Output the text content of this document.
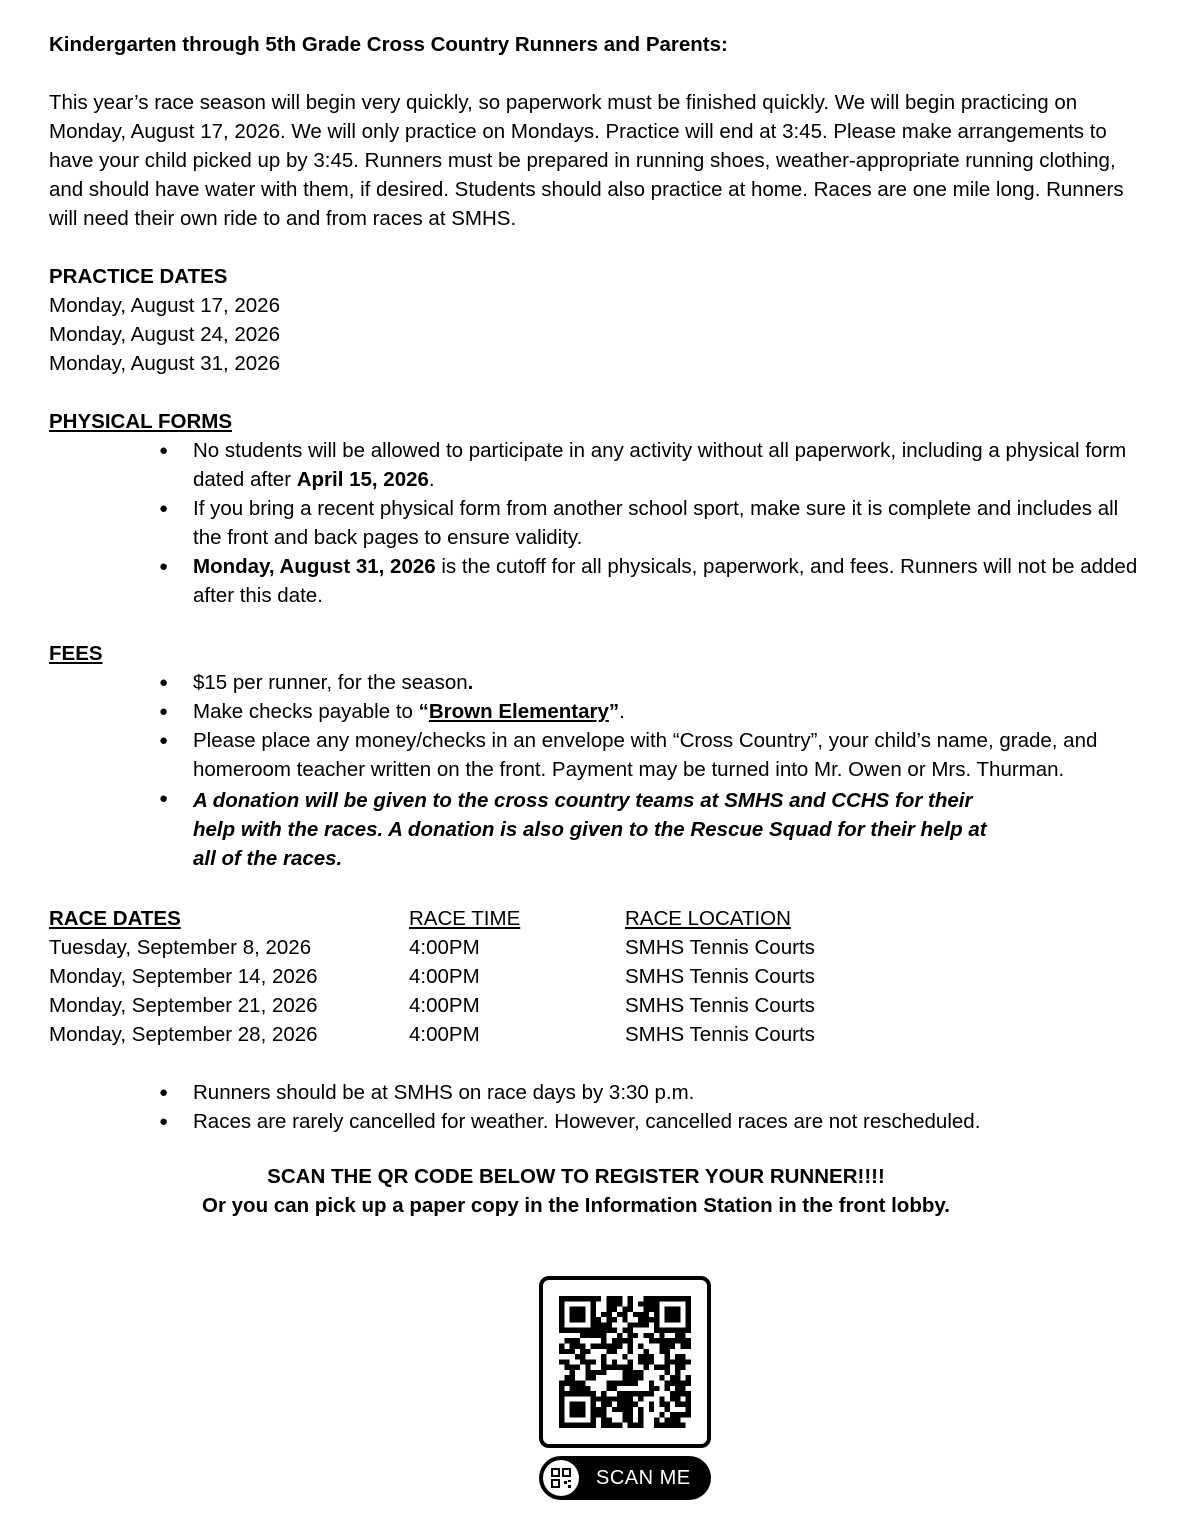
Kindergarten through 5th Grade Cross Country Runners and Parents:

This year’s race season will begin very quickly, so paperwork must be finished quickly. We will begin practicing on Monday, August 17, 2026. We will only practice on Mondays. Practice will end at 3:45. Please make arrangements to have your child picked up by 3:45. Runners must be prepared in running shoes, weather-appropriate running clothing, and should have water with them, if desired. Students should also practice at home. Races are one mile long. Runners will need their own ride to and from races at SMHS.

PRACTICE DATES

Monday, August 17, 2026

Monday, August 24, 2026

Monday, August 31, 2026

PHYSICAL FORMS

● No students will be allowed to participate in any activity without all paperwork, including a physical form dated after April 15, 2026.
● If you bring a recent physical form from another school sport, make sure it is complete and includes all the front and back pages to ensure validity.
● Monday, August 31, 2026 is the cutoff for all physicals, paperwork, and fees. Runners will not be added after this date.

FEES

● $15 per runner, for the season.
● Make checks payable to “Brown Elementary”.
● Please place any money/checks in an envelope with “Cross Country”, your child’s name, grade, and homeroom teacher written on the front. Payment may be turned into Mr. Owen or Mrs. Thurman.
● A donation will be given to the cross country teams at SMHS and CCHS for their
help with the races. A donation is also given to the Rescue Squad for their help at
all of the races.
RACE DATES	RACE TIME	RACE LOCATION
Tuesday, September 8, 2026	4:00PM	SMHS Tennis Courts
Monday, September 14, 2026	4:00PM	SMHS Tennis Courts
Monday, September 21, 2026	4:00PM	SMHS Tennis Courts
Monday, September 28, 2026	4:00PM	SMHS Tennis Courts
● Runners should be at SMHS on race days by 3:30 p.m.
● Races are rarely cancelled for weather. However, cancelled races are not rescheduled.
SCAN THE QR CODE BELOW TO REGISTER YOUR RUNNER!!!!
Or you can pick up a paper copy in the Information Station in the front lobby.
SCAN ME
